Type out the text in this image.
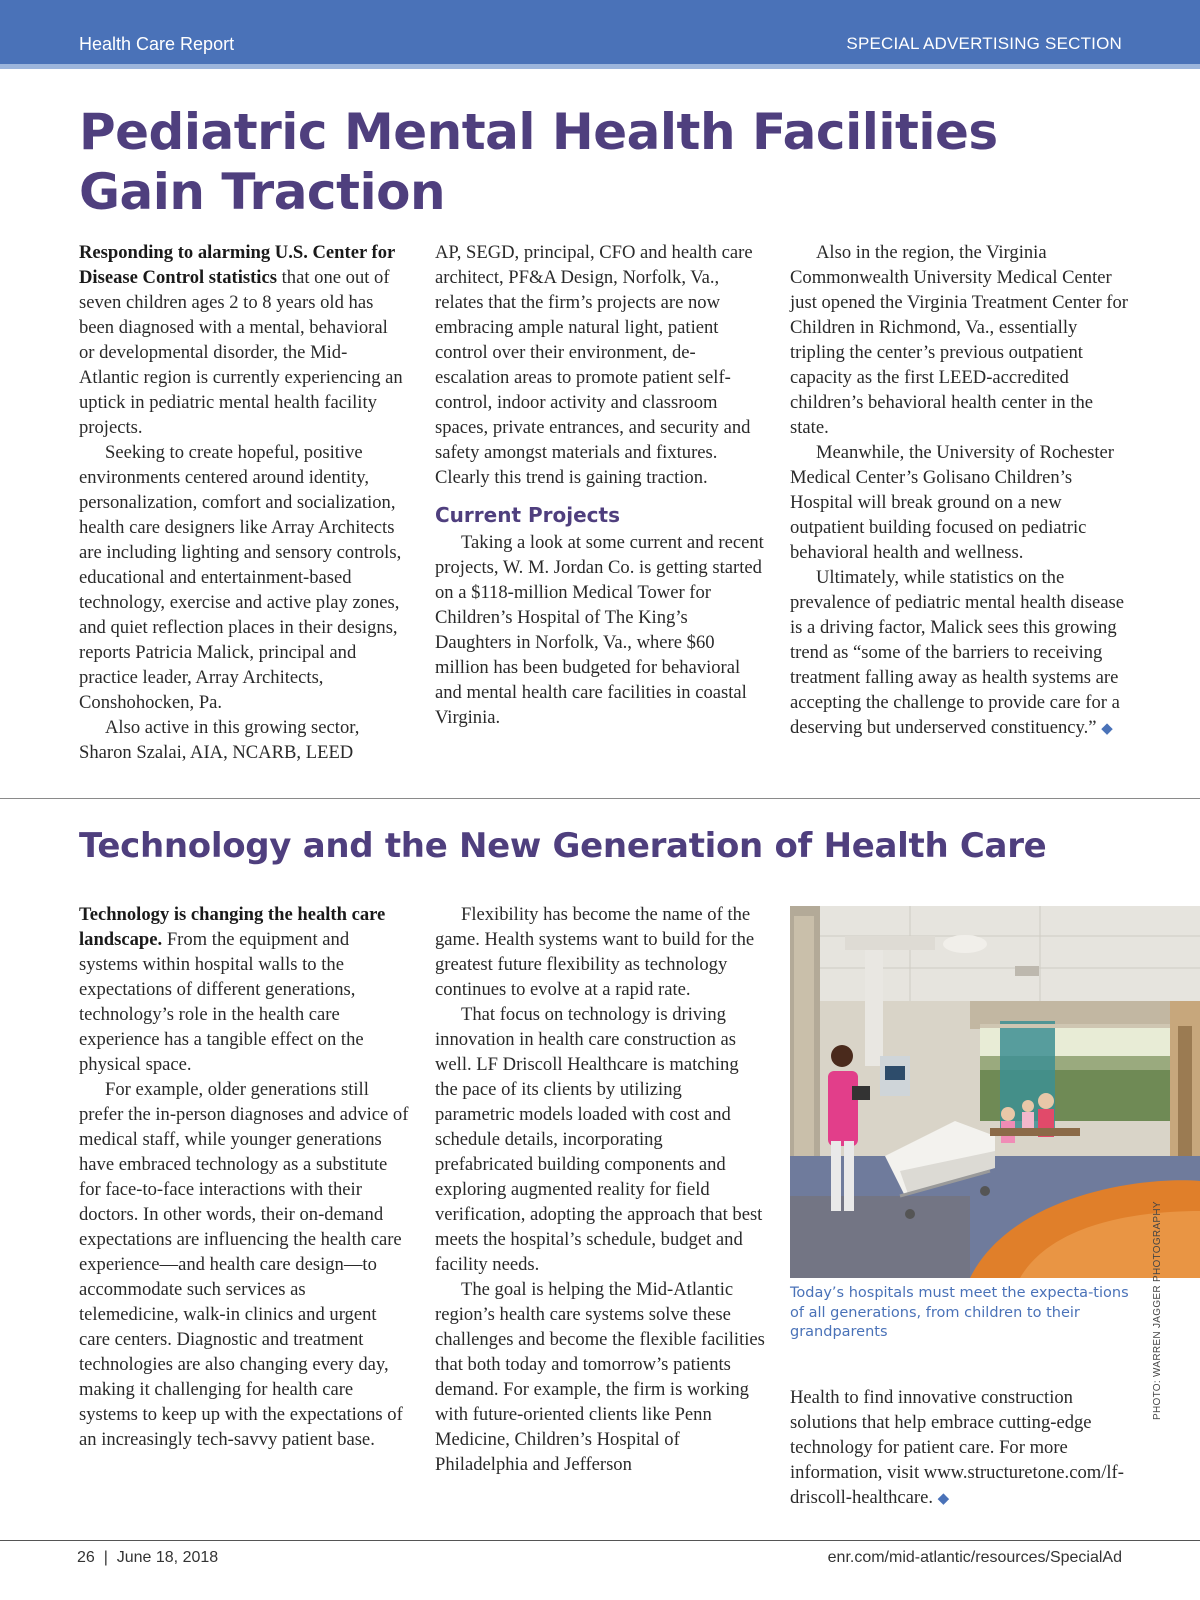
Health Care Report	SPECIAL ADVERTISING SECTION
Pediatric Mental Health Facilities
Gain Traction

Responding to alarming U.S. Center for Disease Control statistics that one out of seven children ages 2 to 8 years old has been diagnosed with a mental, behavioral or developmental disorder, the Mid-Atlantic region is currently experiencing an uptick in pediatric mental health facility projects.

Seeking to create hopeful, positive environments centered around identity, personalization, comfort and socialization, health care designers like Array Architects are including lighting and sensory controls, educational and entertainment-based technology, exercise and active play zones, and quiet reflection places in their designs, reports Patricia Malick, principal and practice leader, Array Architects, Conshohocken, Pa.

Also active in this growing sector, Sharon Szalai, AIA, NCARB, LEED

AP, SEGD, principal, CFO and health care architect, PF&A Design, Norfolk, Va., relates that the firm’s projects are now embracing ample natural light, patient control over their environment, de-escalation areas to promote patient self-control, indoor activity and classroom spaces, private entrances, and security and safety amongst materials and fixtures. Clearly this trend is gaining traction.

Current Projects

Taking a look at some current and recent projects, W. M. Jordan Co. is getting started on a $118-million Medical Tower for Children’s Hospital of The King’s Daughters in Norfolk, Va., where $60 million has been budgeted for behavioral and mental health care facilities in coastal Virginia.

Also in the region, the Virginia Commonwealth University Medical Center just opened the Virginia Treatment Center for Children in Richmond, Va., essentially tripling the center’s previous outpatient capacity as the first LEED-accredited children’s behavioral health center in the state.

Meanwhile, the University of Rochester Medical Center’s Golisano Children’s Hospital will break ground on a new outpatient building focused on pediatric behavioral health and wellness.

Ultimately, while statistics on the prevalence of pediatric mental health disease is a driving factor, Malick sees this growing trend as “some of the barriers to receiving treatment falling away as health systems are accepting the challenge to provide care for a deserving but underserved constituency.” ◆

Technology and the New Generation of Health Care

Technology is changing the health care landscape. From the equipment and systems within hospital walls to the expectations of different generations, technology’s role in the health care experience has a tangible effect on the physical space.

For example, older generations still prefer the in-person diagnoses and advice of medical staff, while younger generations have embraced technology as a substitute for face-to-face interactions with their doctors. In other words, their on-demand expectations are influencing the health care experience—and health care design—to accommodate such services as telemedicine, walk-in clinics and urgent care centers. Diagnostic and treatment technologies are also changing every day, making it challenging for health care systems to keep up with the expectations of an increasingly tech-savvy patient base.

Flexibility has become the name of the game. Health systems want to build for the greatest future flexibility as technology continues to evolve at a rapid rate.

That focus on technology is driving innovation in health care construction as well. LF Driscoll Healthcare is matching the pace of its clients by utilizing parametric models loaded with cost and schedule details, incorporating prefabricated building components and exploring augmented reality for field verification, adopting the approach that best meets the hospital’s schedule, budget and facility needs.

The goal is helping the Mid-Atlantic region’s health care systems solve these challenges and become the flexible facilities that both today and tomorrow’s patients demand. For example, the firm is working with future-oriented clients like Penn Medicine, Children’s Hospital of Philadelphia and Jefferson

Today’s hospitals must meet the expecta-tions of all generations, from children to their grandparents	PHOTO: WARREN JAGGER PHOTOGRAPHY

Health to find innovative construction solutions that help embrace cutting-edge technology for patient care. For more information, visit www.structuretone.com/lf-driscoll-healthcare. ◆

26  |  June 18, 2018	enr.com/mid-atlantic/resources/SpecialAd
